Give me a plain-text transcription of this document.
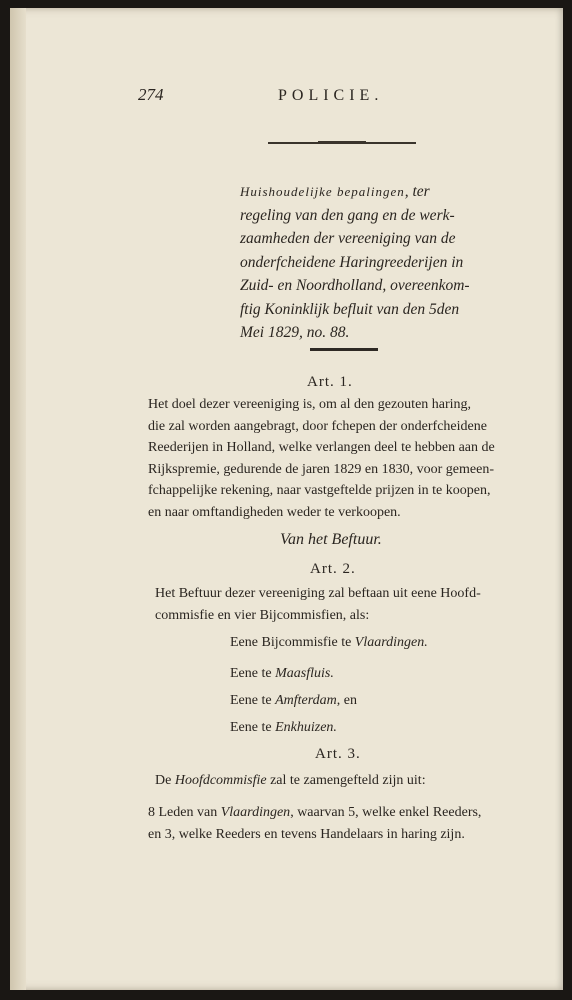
274	POLICIE.
Huishoudelijke bepalingen, ter
regeling van den gang en de werk-
zaamheden der vereeniging van de
onderfcheidene Haringreederijen in
Zuid- en Noordholland, overeenkom-
ftig Koninklijk befluit van den 5den
Mei 1829, no. 88.
Art. 1.
Het doel dezer vereeniging is, om al den gezouten haring,
die zal worden aangebragt, door fchepen der onderfcheidene
Reederijen in Holland, welke verlangen deel te hebben aan de
Rijkspremie, gedurende de jaren 1829 en 1830, voor gemeen-
fchappelijke rekening, naar vastgeftelde prijzen in te koopen,
en naar omftandigheden weder te verkoopen.
Van het Beftuur.
Art. 2.
Het Beftuur dezer vereeniging zal beftaan uit eene Hoofd-
commisfie en vier Bijcommisfien, als:
Eene Bijcommisfie te Vlaardingen.
Eene te Maasfluis.
Eene te Amfterdam, en
Eene te Enkhuizen.
Art. 3.
De Hoofdcommisfie zal te zamengefteld zijn uit:
8 Leden van Vlaardingen, waarvan 5, welke enkel Reeders,
en 3, welke Reeders en tevens Handelaars in haring zijn.
